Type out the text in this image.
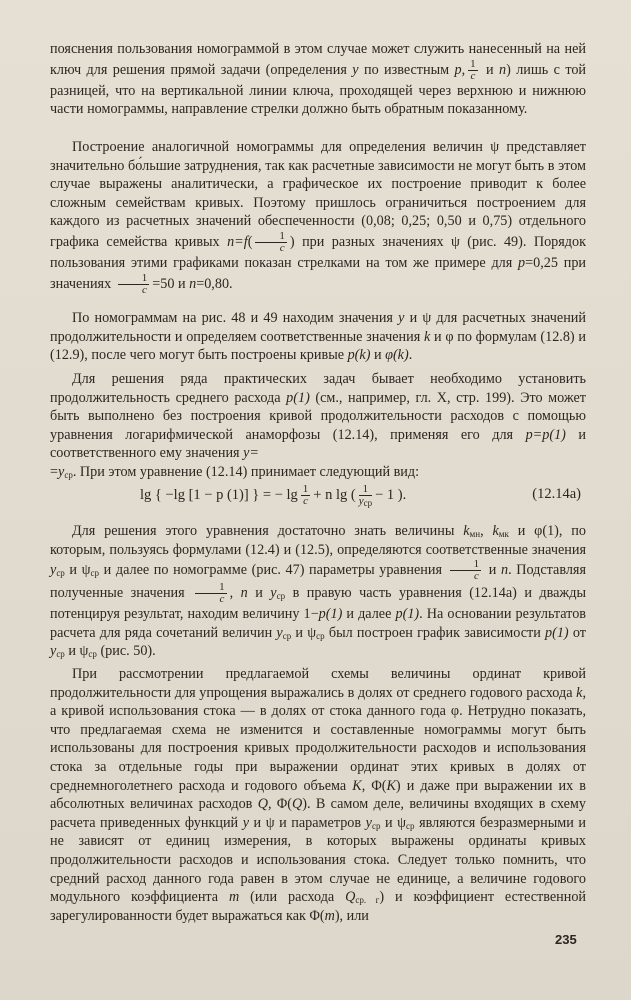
пояснения пользования номограммой в этом случае может служить нанесенный на ней ключ для решения прямой задачи (определения y по известным p, $\frac{1}{c}$ и n) лишь с той разницей, что на вертикальной линии ключа, проходящей через верхнюю и нижнюю части номограммы, направление стрелки должно быть обратным показанному.

Построение аналогичной номограммы для определения величин ψ представляет значительно бо́льшие затруднения, так как расчетные зависимости не могут быть в этом случае выражены аналитически, а графическое их построение приводит к более сложным семействам кривых. Поэтому пришлось ограничиться построением для каждого из расчетных значений обеспеченности (0,08; 0,25; 0,50 и 0,75) отдельного графика семейства кривых $n=f( \frac{1}{c}$ ) при разных значениях ψ (рис. 49). Порядок пользования этими графиками показан стрелками на том же примере для p=0,25 при значениях $\frac{1}{c} =50$ и n=0,80.

По номограммам на рис. 48 и 49 находим значения y и ψ для расчетных значений продолжительности и определяем соответственные значения k и φ по формулам (12.8) и (12.9), после чего могут быть построены кривые p(k) и φ(k).

Для решения ряда практических задач бывает необходимо установить продолжительность среднего расхода p(1) (см., например, гл. X, стр. 199). Это может быть выполнено без построения кривой продолжительности расходов с помощью уравнения логарифмической анаморфозы (12.14), применяя его для p=p(1) и соответственного ему значения y=
$=y_{ср}$. При этом уравнение (12.14) принимает следующий вид:

lg { −lg [1 − p (1)] } = − $\lg \frac{1}{c} + n$ lg ( $\frac{1}{y_{ср}} - 1$ ).	(12.14а)

Для решения этого уравнения достаточно знать величины $k_{мн}$, $k_{мк}$ и φ(1), по которым, пользуясь формулами (12.4) и (12.5), определяются соответственные значения $y_{ср}$ и $\psi_{ср}$ и далее по номограмме (рис. 47) параметры уравнения $\frac{1}{c}$ и n. Подставляя полученные значения $\frac{1}{c}$ , n и $y_{ср}$ в правую часть уравнения (12.14а) и дважды потенцируя результат, находим величину 1−p(1) и далее p(1). На основании результатов расчета для ряда сочетаний величин $y_{ср}$ и $\psi_{ср}$ был построен график зависимости p(1) от $y_{ср}$ и $\psi_{ср}$ (рис. 50).

При рассмотрении предлагаемой схемы величины ординат кривой продолжительности для упрощения выражались в долях от среднего годового расхода k, а кривой использования стока — в долях от стока данного года φ. Нетрудно показать, что предлагаемая схема не изменится и составленные номограммы могут быть использованы для построения кривых продолжительности расходов и использования стока за отдельные годы при выражении ординат этих кривых в долях от среднемноголетнего расхода и годового объема K, Φ(K) и даже при выражении их в абсолютных величинах расходов Q, Φ(Q). В самом деле, величины входящих в схему расчета приведенных функций y и ψ и параметров $y_{ср}$ и $\psi_{ср}$ являются безразмерными и не зависят от единиц измерения, в которых выражены ординаты кривых продолжительности расходов и использования стока. Следует только помнить, что средний расход данного года равен в этом случае не единице, а величине годового модульного коэффициента m (или расхода $Q_{ср. г}$) и коэффициент естественной зарегулированности будет выражаться как Φ(m), или

235
